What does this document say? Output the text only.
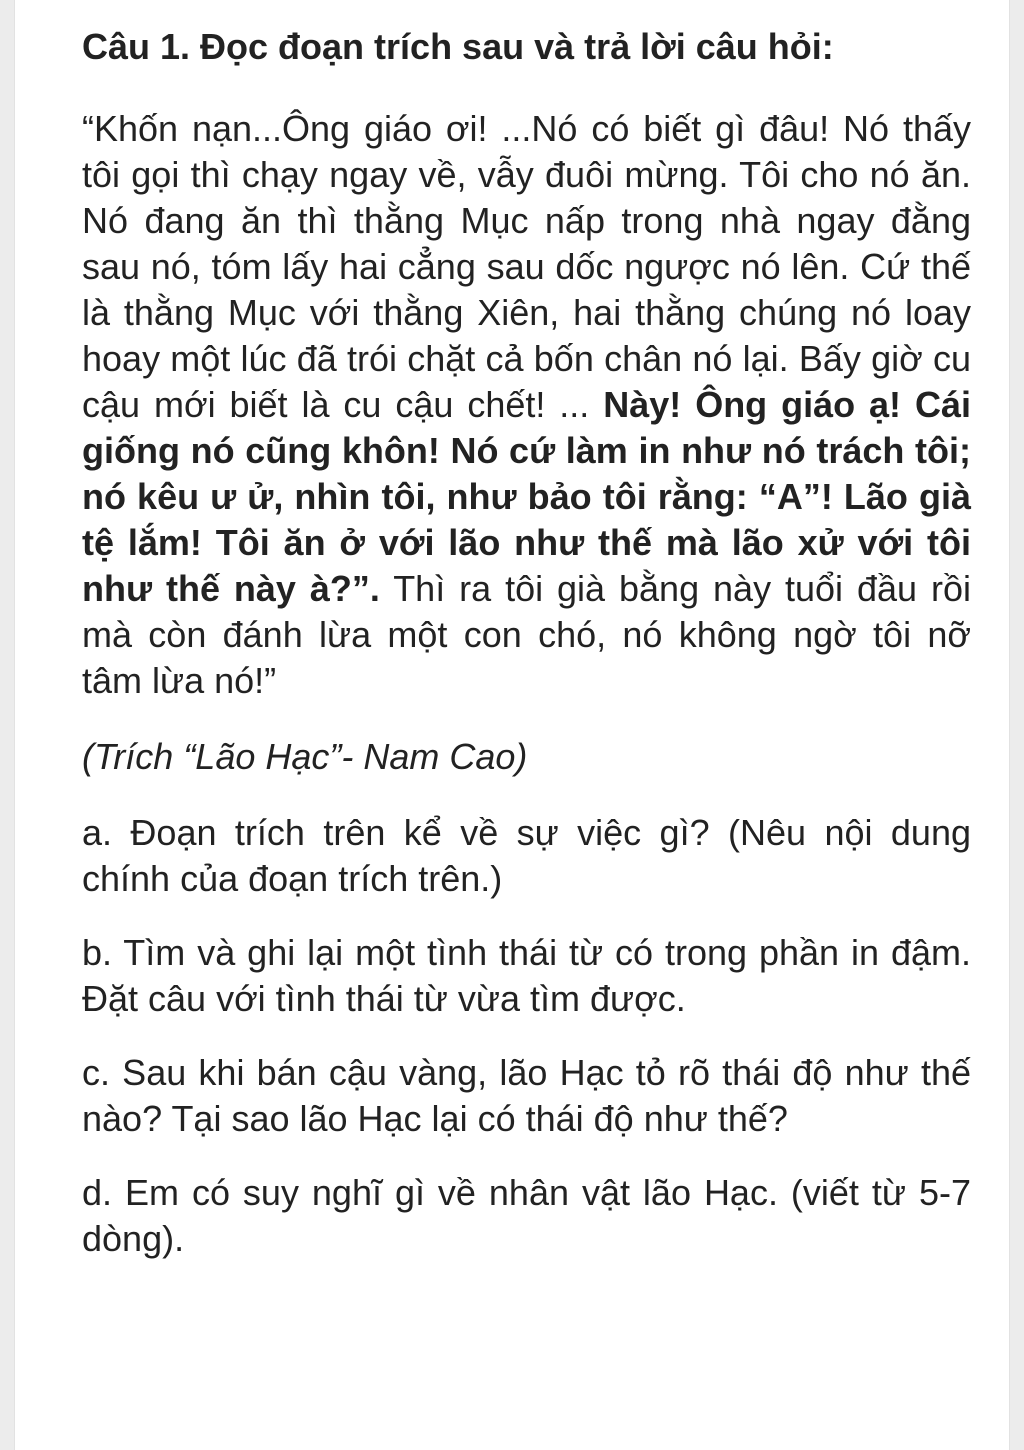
Câu 1. Đọc đoạn trích sau và trả lời câu hỏi:
“Khốn nạn...Ông giáo ơi! ...Nó có biết gì đâu! Nó thấy tôi gọi thì chạy ngay về, vẫy đuôi mừng. Tôi cho nó ăn. Nó đang ăn thì thằng Mục nấp trong nhà ngay đằng sau nó, tóm lấy hai cẳng sau dốc ngược nó lên. Cứ thế là thằng Mục với thằng Xiên, hai thằng chúng nó loay hoay một lúc đã trói chặt cả bốn chân nó lại. Bấy giờ cu cậu mới biết là cu cậu chết! ... Này! Ông giáo ạ! Cái giống nó cũng khôn! Nó cứ làm in như nó trách tôi; nó kêu ư ử, nhìn tôi, như bảo tôi rằng: “A”! Lão già tệ lắm! Tôi ăn ở với lão như thế mà lão xử với tôi như thế này à?”. Thì ra tôi già bằng này tuổi đầu rồi mà còn đánh lừa một con chó, nó không ngờ tôi nỡ tâm lừa nó!”
(Trích “Lão Hạc”- Nam Cao)
a. Đoạn trích trên kể về sự việc gì? (Nêu nội dung chính của đoạn trích trên.)
b. Tìm và ghi lại một tình thái từ có trong phần in đậm. Đặt câu với tình thái từ vừa tìm được.
c. Sau khi bán cậu vàng, lão Hạc tỏ rõ thái độ như thế nào? Tại sao lão Hạc lại có thái độ như thế?
d. Em có suy nghĩ gì về nhân vật lão Hạc. (viết từ 5-7 dòng).
